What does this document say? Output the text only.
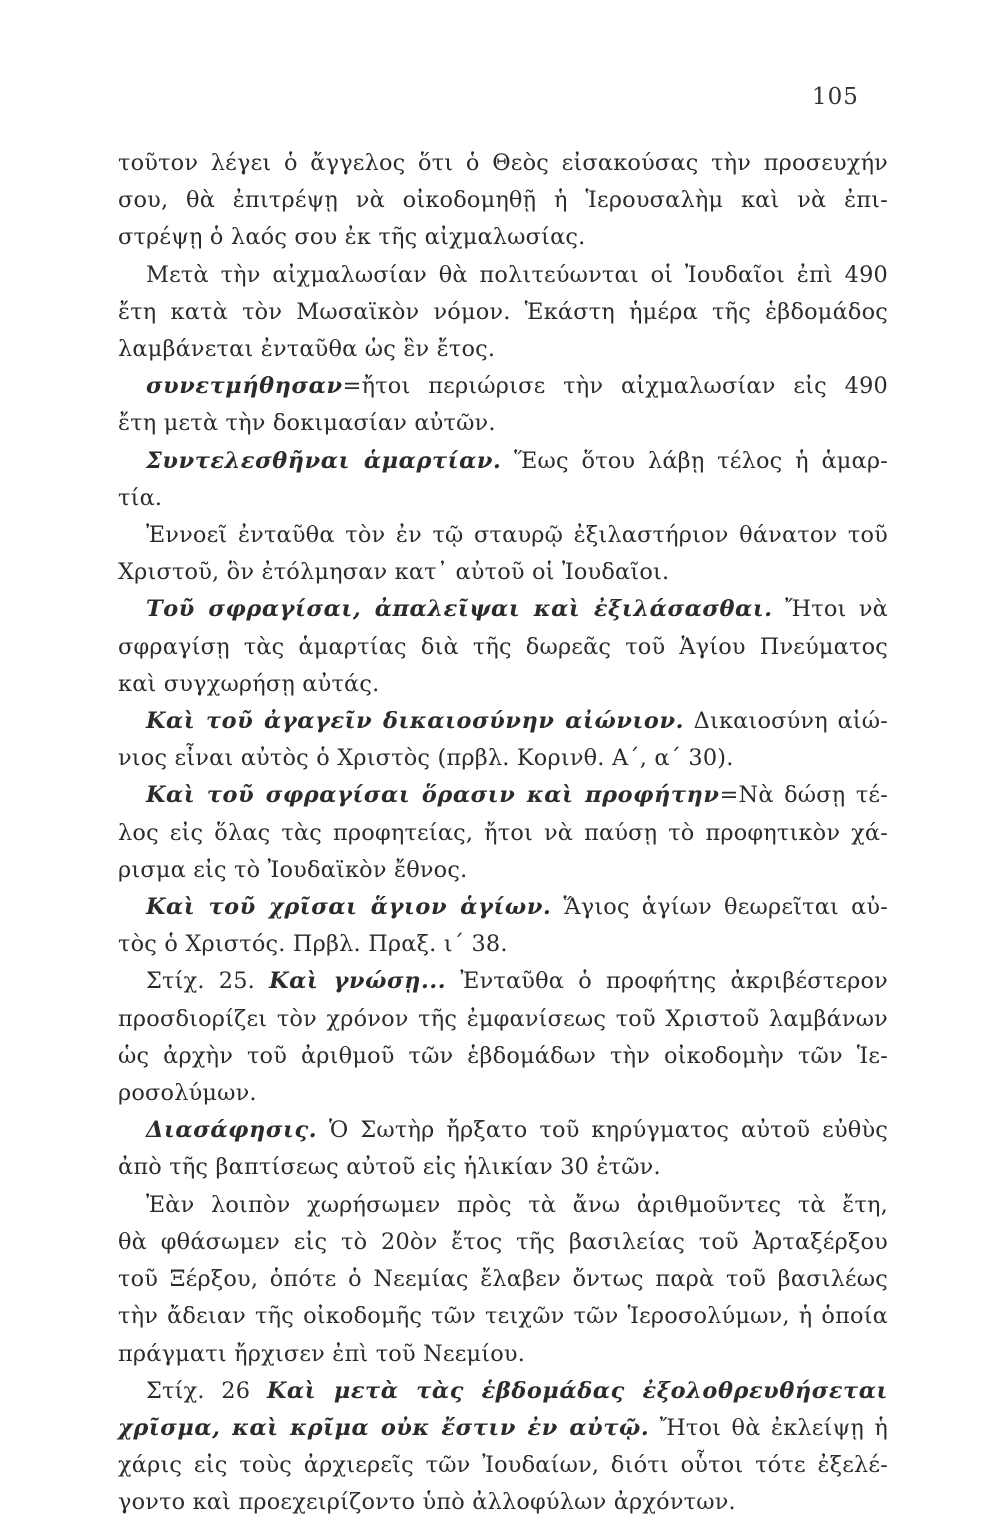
105

τοῦτον λέγει ὁ ἄγγελος ὅτι ὁ Θεὸς εἰσακούσας τὴν προσευχήν

σου, θὰ ἐπιτρέψῃ νὰ οἰκοδομηθῇ ἡ Ἱερουσαλὴμ καὶ νὰ ἐπι-

στρέψῃ ὁ λαός σου ἐκ τῆς αἰχμαλωσίας.

Μετὰ τὴν αἰχμαλωσίαν θὰ πολιτεύωνται οἱ Ἰουδαῖοι ἐπὶ 490

ἔτη κατὰ τὸν Μωσαϊκὸν νόμον. Ἑκάστη ἡμέρα τῆς ἑβδομάδος

λαμβάνεται ἐνταῦθα ὡς ἓν ἔτος.

συνετμήθησαν=ἤτοι περιώρισε τὴν αἰχμαλωσίαν εἰς 490

ἔτη μετὰ τὴν δοκιμασίαν αὐτῶν.

Συντελεσθῆναι ἁμαρτίαν. Ἕως ὅτου λάβῃ τέλος ἡ ἁμαρ-

τία.

Ἐννοεῖ ἐνταῦθα τὸν ἐν τῷ σταυρῷ ἐξιλαστήριον θάνατον τοῦ

Χριστοῦ, ὃν ἐτόλμησαν κατ᾽ αὐτοῦ οἱ Ἰουδαῖοι.

Τοῦ σφραγίσαι, ἀπαλεῖψαι καὶ ἐξιλάσασθαι. Ἤτοι νὰ

σφραγίσῃ τὰς ἁμαρτίας διὰ τῆς δωρεᾶς τοῦ Ἁγίου Πνεύματος

καὶ συγχωρήσῃ αὐτάς.

Καὶ τοῦ ἀγαγεῖν δικαιοσύνην αἰώνιον. Δικαιοσύνη αἰώ-

νιος εἶναι αὐτὸς ὁ Χριστὸς (πρβλ. Κορινθ. Α΄, α΄ 30).

Καὶ τοῦ σφραγίσαι ὅρασιν καὶ προφήτην=Νὰ δώσῃ τέ-

λος εἰς ὅλας τὰς προφητείας, ἤτοι νὰ παύσῃ τὸ προφητικὸν χά-

ρισμα εἰς τὸ Ἰουδαϊκὸν ἔθνος.

Καὶ τοῦ χρῖσαι ἅγιον ἁγίων. Ἅγιος ἁγίων θεωρεῖται αὐ-

τὸς ὁ Χριστός. Πρβλ. Πραξ. ι΄ 38.

Στίχ. 25. Καὶ γνώσῃ... Ἐνταῦθα ὁ προφήτης ἀκριβέστερον

προσδιορίζει τὸν χρόνον τῆς ἐμφανίσεως τοῦ Χριστοῦ λαμβάνων

ὡς ἀρχὴν τοῦ ἀριθμοῦ τῶν ἑβδομάδων τὴν οἰκοδομὴν τῶν Ἱε-

ροσολύμων.

Διασάφησις. Ὁ Σωτὴρ ἤρξατο τοῦ κηρύγματος αὐτοῦ εὐθὺς

ἀπὸ τῆς βαπτίσεως αὐτοῦ εἰς ἡλικίαν 30 ἐτῶν.

Ἐὰν λοιπὸν χωρήσωμεν πρὸς τὰ ἄνω ἀριθμοῦντες τὰ ἔτη,

θὰ φθάσωμεν εἰς τὸ 20ὸν ἔτος τῆς βασιλείας τοῦ Ἀρταξέρξου

τοῦ Ξέρξου, ὁπότε ὁ Νεεμίας ἔλαβεν ὄντως παρὰ τοῦ βασιλέως

τὴν ἄδειαν τῆς οἰκοδομῆς τῶν τειχῶν τῶν Ἱεροσολύμων, ἡ ὁποία

πράγματι ἤρχισεν ἐπὶ τοῦ Νεεμίου.

Στίχ. 26 Καὶ μετὰ τὰς ἑβδομάδας ἐξολοθρευθήσεται

χρῖσμα, καὶ κρῖμα οὐκ ἔστιν ἐν αὐτῷ. Ἤτοι θὰ ἐκλείψῃ ἡ

χάρις εἰς τοὺς ἀρχιερεῖς τῶν Ἰουδαίων, διότι οὗτοι τότε ἐξελέ-

γοντο καὶ προεχειρίζοντο ὑπὸ ἀλλοφύλων ἀρχόντων.
